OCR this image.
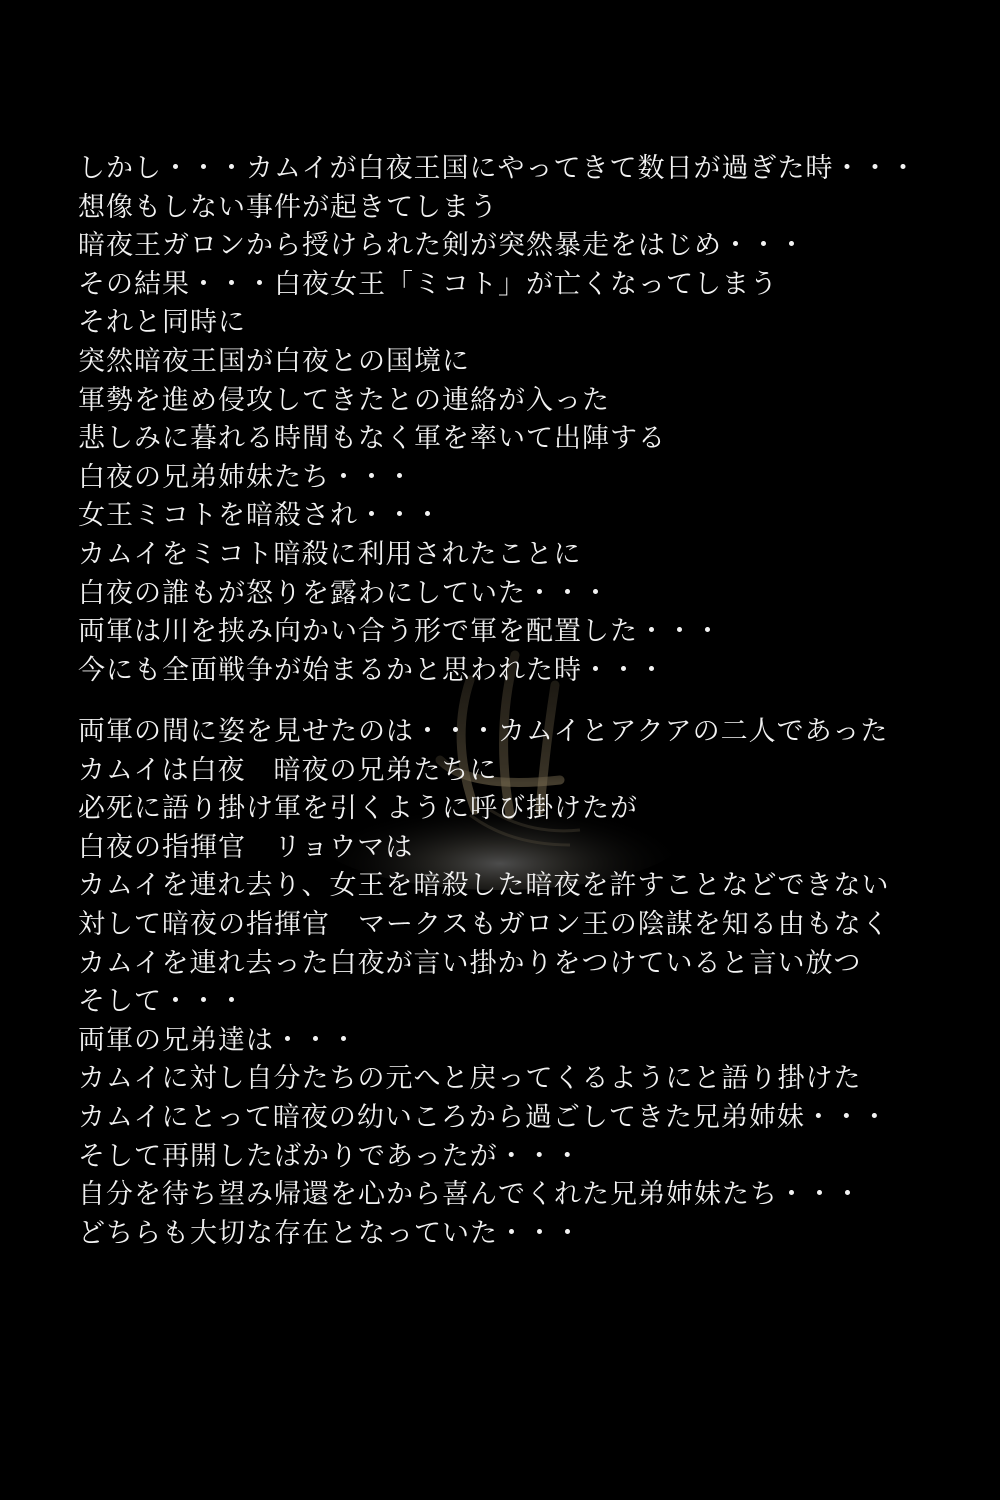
しかし・・・カムイが白夜王国にやってきて数日が過ぎた時・・・
想像もしない事件が起きてしまう
暗夜王ガロンから授けられた剣が突然暴走をはじめ・・・
その結果・・・白夜女王「ミコト」が亡くなってしまう
それと同時に
突然暗夜王国が白夜との国境に
軍勢を進め侵攻してきたとの連絡が入った
悲しみに暮れる時間もなく軍を率いて出陣する
白夜の兄弟姉妹たち・・・
女王ミコトを暗殺され・・・
カムイをミコト暗殺に利用されたことに
白夜の誰もが怒りを露わにしていた・・・
両軍は川を挟み向かい合う形で軍を配置した・・・
今にも全面戦争が始まるかと思われた時・・・
両軍の間に姿を見せたのは・・・カムイとアクアの二人であった
カムイは白夜　暗夜の兄弟たちに
必死に語り掛け軍を引くように呼び掛けたが
白夜の指揮官　リョウマは
カムイを連れ去り、女王を暗殺した暗夜を許すことなどできない
対して暗夜の指揮官　マークスもガロン王の陰謀を知る由もなく
カムイを連れ去った白夜が言い掛かりをつけていると言い放つ
そして・・・
両軍の兄弟達は・・・
カムイに対し自分たちの元へと戻ってくるようにと語り掛けた
カムイにとって暗夜の幼いころから過ごしてきた兄弟姉妹・・・
そして再開したばかりであったが・・・
自分を待ち望み帰還を心から喜んでくれた兄弟姉妹たち・・・
どちらも大切な存在となっていた・・・
